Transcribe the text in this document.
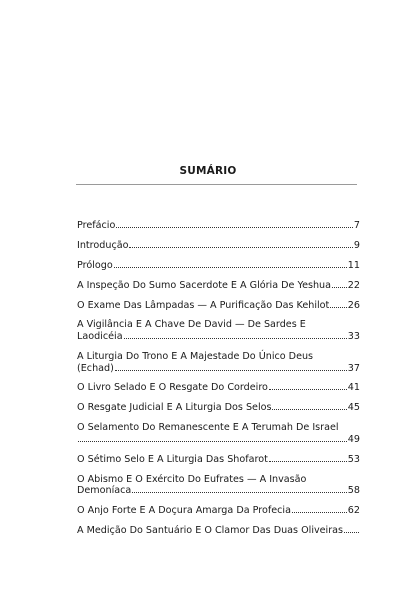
SUMÁRIO
Prefácio	7
Introdução	9
Prólogo	11
A Inspeção Do Sumo Sacerdote E A Glória De Yeshua 22
O Exame Das Lâmpadas — A Purificação Das Kehilot 26
A Vigilância E A Chave De David — De Sardes E
Laodicéia	33
A Liturgia Do Trono E A Majestade Do Único Deus
(Echad)	37
O Livro Selado E O Resgate Do Cordeiro	41
O Resgate Judicial E A Liturgia Dos Selos	45
O Selamento Do Remanescente E A Terumah De Israel
49
O Sétimo Selo E A Liturgia Das Shofarot	53
O Abismo E O Exército Do Eufrates — A Invasão
Demoníaca	58
O Anjo Forte E A Doçura Amarga Da Profecia	62
A Medição Do Santuário E O Clamor Das Duas Oliveiras
